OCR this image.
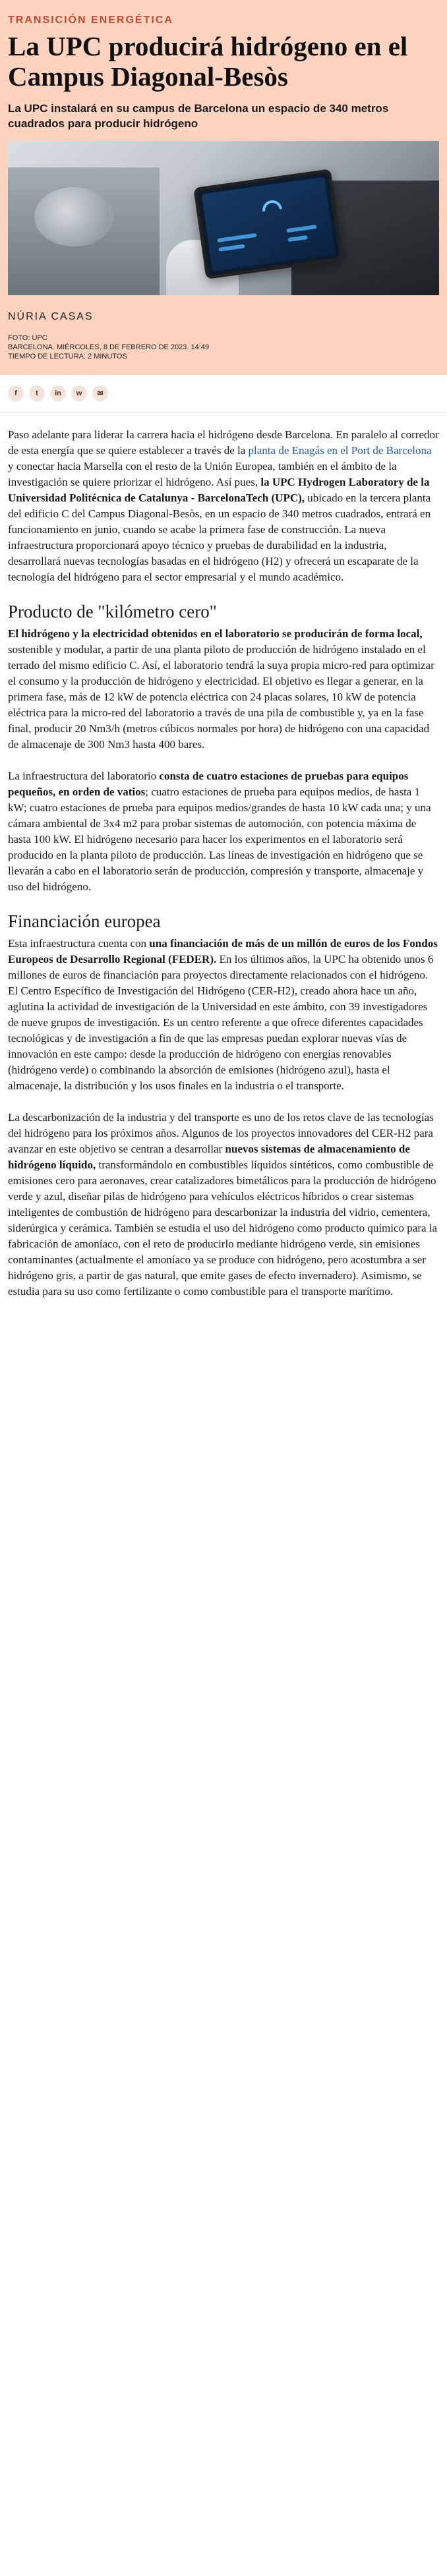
TRANSICIÓN ENERGÉTICA
La UPC producirá hidrógeno en el Campus Diagonal-Besòs

La UPC instalará en su campus de Barcelona un espacio de 340 metros cuadrados para producir hidrógeno

NÚRIA CASAS
FOTO: UPC
BARCELONA. MIÉRCOLES, 8 DE FEBRERO DE 2023. 14:49
TIEMPO DE LECTURA: 2 MINUTOS
f	t	in	w	✉

Paso adelante para liderar la carrera hacia el hidrógeno desde Barcelona. En paralelo al corredor de esta energía que se quiere establecer a través de la planta de Enagás en el Port de Barcelona y conectar hacia Marsella con el resto de la Unión Europea, también en el ámbito de la investigación se quiere priorizar el hidrógeno. Así pues, la UPC Hydrogen Laboratory de la Universidad Politécnica de Catalunya - BarcelonaTech (UPC), ubicado en la tercera planta del edificio C del Campus Diagonal-Besòs, en un espacio de 340 metros cuadrados, entrará en funcionamiento en junio, cuando se acabe la primera fase de construcción. La nueva infraestructura proporcionará apoyo técnico y pruebas de durabilidad en la industria, desarrollará nuevas tecnologías basadas en el hidrógeno (H2) y ofrecerá un escaparate de la tecnología del hidrógeno para el sector empresarial y el mundo académico.

Producto de "kilómetro cero"

El hidrógeno y la electricidad obtenidos en el laboratorio se producirán de forma local, sostenible y modular, a partir de una planta piloto de producción de hidrógeno instalado en el terrado del mismo edificio C. Así, el laboratorio tendrá la suya propia micro-red para optimizar el consumo y la producción de hidrógeno y electricidad. El objetivo es llegar a generar, en la primera fase, más de 12 kW de potencia eléctrica con 24 placas solares, 10 kW de potencia eléctrica para la micro-red del laboratorio a través de una pila de combustible y, ya en la fase final, producir 20 Nm3/h (metros cúbicos normales por hora) de hidrógeno con una capacidad de almacenaje de 300 Nm3 hasta 400 bares.

La infraestructura del laboratorio consta de cuatro estaciones de pruebas para equipos pequeños, en orden de vatios; cuatro estaciones de prueba para equipos medios, de hasta 1 kW; cuatro estaciones de prueba para equipos medios/grandes de hasta 10 kW cada una; y una cámara ambiental de 3x4 m2 para probar sistemas de automoción, con potencia máxima de hasta 100 kW. El hidrógeno necesario para hacer los experimentos en el laboratorio será producido en la planta piloto de producción. Las líneas de investigación en hidrógeno que se llevarán a cabo en el laboratorio serán de producción, compresión y transporte, almacenaje y uso del hidrógeno.

Financiación europea

Esta infraestructura cuenta con una financiación de más de un millón de euros de los Fondos Europeos de Desarrollo Regional (FEDER). En los últimos años, la UPC ha obtenido unos 6 millones de euros de financiación para proyectos directamente relacionados con el hidrógeno. El Centro Específico de Investigación del Hidrógeno (CER-H2), creado ahora hace un año, aglutina la actividad de investigación de la Universidad en este ámbito, con 39 investigadores de nueve grupos de investigación. Es un centro referente a que ofrece diferentes capacidades tecnológicas y de investigación a fin de que las empresas puedan explorar nuevas vías de innovación en este campo: desde la producción de hidrógeno con energías renovables (hidrógeno verde) o combinando la absorción de emisiones (hidrógeno azul), hasta el almacenaje, la distribución y los usos finales en la industria o el transporte.

La descarbonización de la industria y del transporte es uno de los retos clave de las tecnologías del hidrógeno para los próximos años. Algunos de los proyectos innovadores del CER-H2 para avanzar en este objetivo se centran a desarrollar nuevos sistemas de almacenamiento de hidrógeno líquido, transformándolo en combustibles líquidos sintéticos, como combustible de emisiones cero para aeronaves, crear catalizadores bimetálicos para la producción de hidrógeno verde y azul, diseñar pilas de hidrógeno para vehículos eléctricos híbridos o crear sistemas inteligentes de combustión de hidrógeno para descarbonizar la industria del vidrio, cementera, siderúrgica y cerámica. También se estudia el uso del hidrógeno como producto químico para la fabricación de amoníaco, con el reto de producirlo mediante hidrógeno verde, sin emisiones contaminantes (actualmente el amoníaco ya se produce con hidrógeno, pero acostumbra a ser hidrógeno gris, a partir de gas natural, que emite gases de efecto invernadero). Asimismo, se estudia para su uso como fertilizante o como combustible para el transporte marítimo.
